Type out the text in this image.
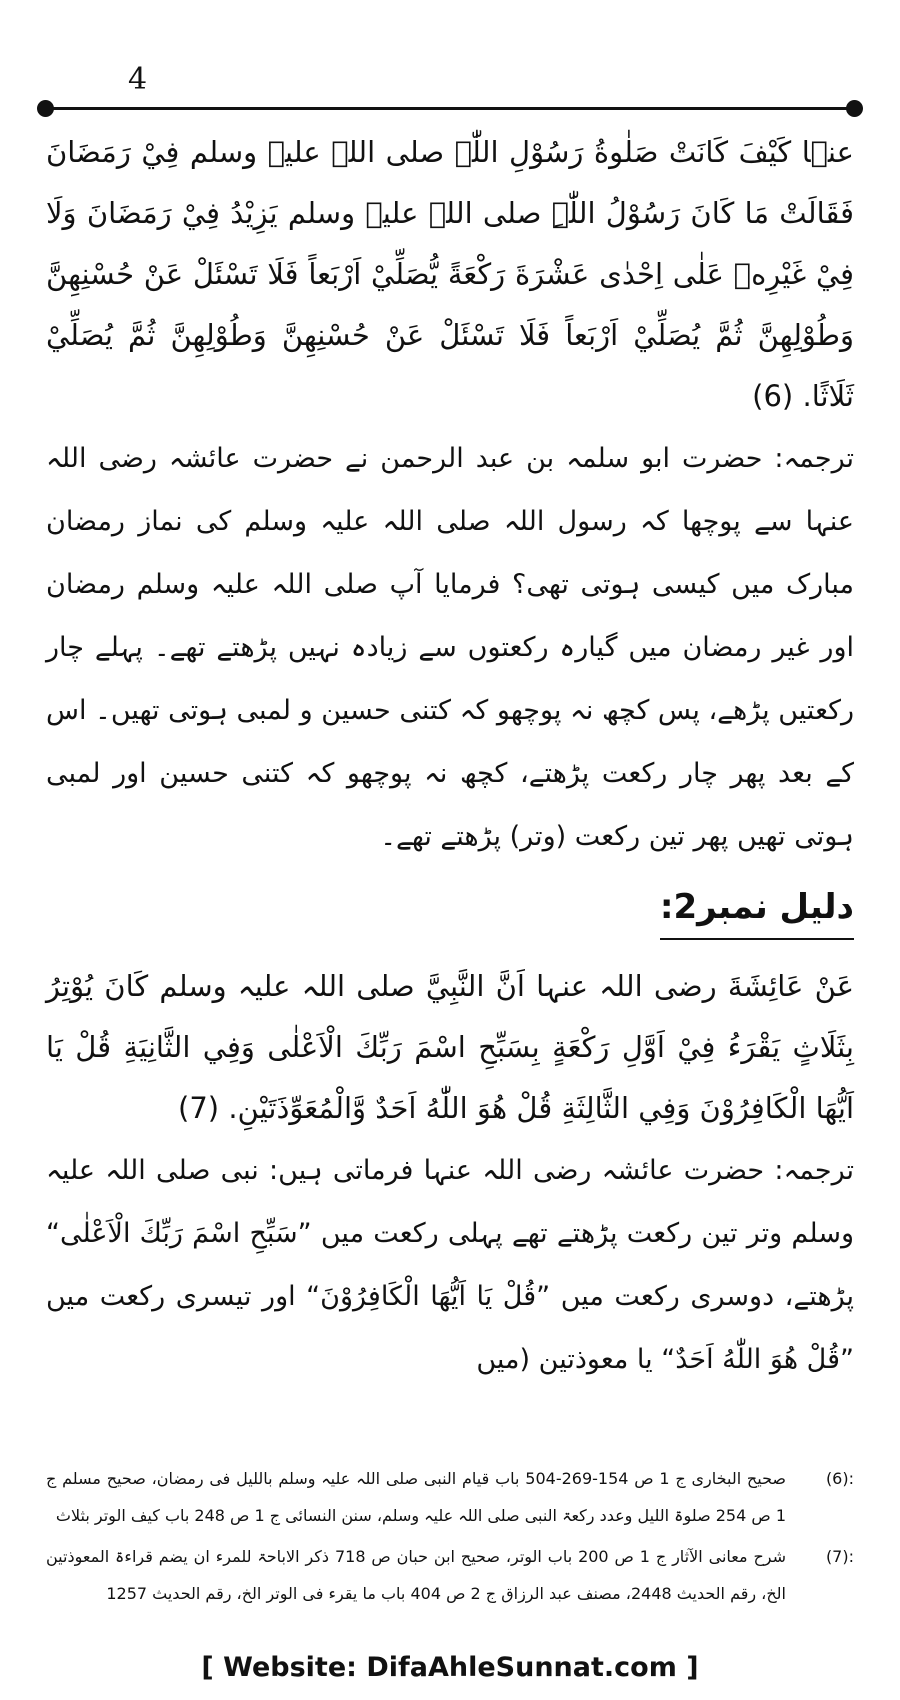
4

عنہا كَيْفَ كَانَتْ صَلٰوةُ رَسُوْلِ اللّٰہ صلی اللہ علیہ وسلم فِيْ رَمَضَانَ فَقَالَتْ مَا كَانَ رَسُوْلُ اللّٰہِ صلی اللہ علیہ وسلم يَزِيْدُ فِيْ رَمَضَانَ وَلَا فِيْ غَيْرِهٖ عَلٰى اِحْدٰى عَشْرَةَ رَكْعَةً يُّصَلِّيْ اَرْبَعاً فَلَا تَسْئَلْ عَنْ حُسْنِهِنَّ وَطُوْلِهِنَّ ثُمَّ يُصَلِّيْ اَرْبَعاً فَلَا تَسْئَلْ عَنْ حُسْنِهِنَّ وَطُوْلِهِنَّ ثُمَّ يُصَلِّيْ ثَلَاثًا. (6)

ترجمہ: حضرت ابو سلمہ بن عبد الرحمن نے حضرت عائشہ رضی اللہ عنہا سے پوچھا کہ رسول اللہ صلی اللہ علیہ وسلم کی نماز رمضان مبارک میں کیسی ہوتی تھی؟ فرمایا آپ صلی اللہ علیہ وسلم رمضان اور غیر رمضان میں گیارہ رکعتوں سے زیادہ نہیں پڑھتے تھے۔ پہلے چار رکعتیں پڑھے، پس کچھ نہ پوچھو کہ کتنی حسین و لمبی ہوتی تھیں۔ اس کے بعد پھر چار رکعت پڑھتے، کچھ نہ پوچھو کہ کتنی حسین اور لمبی ہوتی تھیں پھر تین رکعت (وتر) پڑھتے تھے۔

دلیل نمبر2:

عَنْ عَائِشَةَ رضی اللہ عنہا اَنَّ النَّبِيَّ صلی اللہ علیہ وسلم كَانَ يُوْتِرُ بِثَلَاثٍ يَقْرَءُ فِيْ اَوَّلِ رَكْعَةٍ بِسَبِّحِ اسْمَ رَبِّكَ الْاَعْلٰى وَفِي الثَّانِيَةِ قُلْ يَا اَيُّهَا الْكَافِرُوْنَ وَفِي الثَّالِثَةِ قُلْ هُوَ اللّٰهُ اَحَدٌ وَّالْمُعَوِّذَتَيْنِ. (7)

ترجمہ: حضرت عائشہ رضی اللہ عنہا فرماتی ہیں: نبی صلی اللہ علیہ وسلم وتر تین رکعت پڑھتے تھے پہلی رکعت میں ”سَبِّحِ اسْمَ رَبِّكَ الْاَعْلٰى“ پڑھتے، دوسری رکعت میں ”قُلْ يَا اَيُّهَا الْكَافِرُوْنَ“ اور تیسری رکعت میں ”قُلْ هُوَ اللّٰهُ اَحَدٌ“ یا معوذتین (میں

(6):
صحیح البخاری ج 1 ص 154-269-504 باب قیام النبی صلی اللہ علیہ وسلم باللیل فی رمضان، صحیح مسلم ج 1 ص 254 صلوۃ اللیل وعدد رکعۃ النبی صلی اللہ علیہ وسلم، سنن النسائی ج 1 ص 248 باب کیف الوتر بثلاث
(7):
شرح معانی الآثار ج 1 ص 200 باب الوتر، صحیح ابن حبان ص 718 ذکر الاباحۃ للمرء ان یضم قراءۃ المعوذتین الخ، رقم الحدیث 2448، مصنف عبد الرزاق ج 2 ص 404 باب ما یقرء فی الوتر الخ، رقم الحدیث 1257
[ Website: DifaAhleSunnat.com ]
